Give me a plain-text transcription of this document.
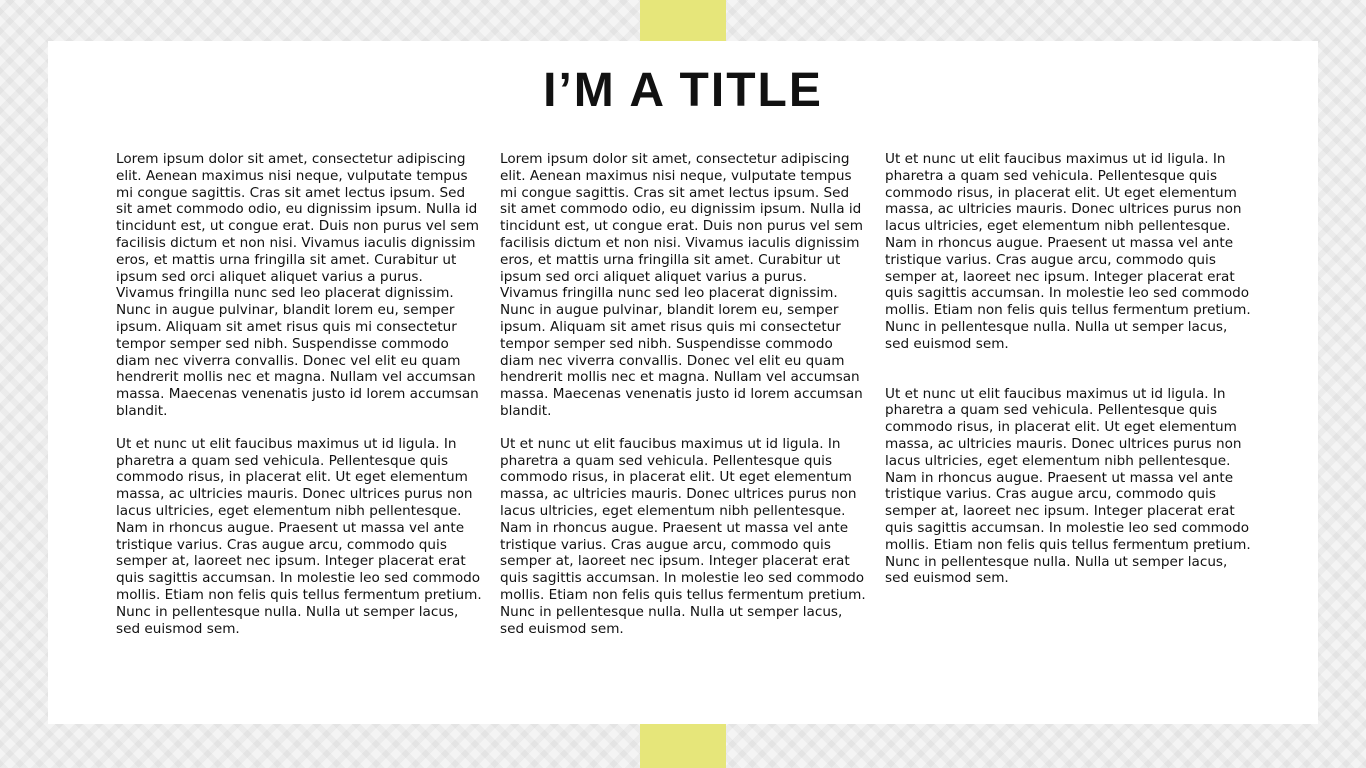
I’M A TITLE

Lorem ipsum dolor sit amet, consectetur adipiscing elit. Aenean maximus nisi neque, vulputate tempus mi congue sagittis. Cras sit amet lectus ipsum. Sed sit amet commodo odio, eu dignissim ipsum. Nulla id tincidunt est, ut congue erat. Duis non purus vel sem facilisis dictum et non nisi. Vivamus iaculis dignissim eros, et mattis urna fringilla sit amet. Curabitur ut ipsum sed orci aliquet aliquet varius a purus. Vivamus fringilla nunc sed leo placerat dignissim. Nunc in augue pulvinar, blandit lorem eu, semper ipsum. Aliquam sit amet risus quis mi consectetur tempor semper sed nibh. Suspendisse commodo diam nec viverra convallis. Donec vel elit eu quam hendrerit mollis nec et magna. Nullam vel accumsan massa. Maecenas venenatis justo id lorem accumsan blandit.

Ut et nunc ut elit faucibus maximus ut id ligula. In pharetra a quam sed vehicula. Pellentesque quis commodo risus, in placerat elit. Ut eget elementum massa, ac ultricies mauris. Donec ultrices purus non lacus ultricies, eget elementum nibh pellentesque. Nam in rhoncus augue. Praesent ut massa vel ante tristique varius. Cras augue arcu, commodo quis semper at, laoreet nec ipsum. Integer placerat erat quis sagittis accumsan. In molestie leo sed commodo mollis. Etiam non felis quis tellus fermentum pretium. Nunc in pellentesque nulla. Nulla ut semper lacus, sed euismod sem.

Lorem ipsum dolor sit amet, consectetur adipiscing elit. Aenean maximus nisi neque, vulputate tempus mi congue sagittis. Cras sit amet lectus ipsum. Sed sit amet commodo odio, eu dignissim ipsum. Nulla id tincidunt est, ut congue erat. Duis non purus vel sem facilisis dictum et non nisi. Vivamus iaculis dignissim eros, et mattis urna fringilla sit amet. Curabitur ut ipsum sed orci aliquet aliquet varius a purus. Vivamus fringilla nunc sed leo placerat dignissim. Nunc in augue pulvinar, blandit lorem eu, semper ipsum. Aliquam sit amet risus quis mi consectetur tempor semper sed nibh. Suspendisse commodo diam nec viverra convallis. Donec vel elit eu quam hendrerit mollis nec et magna. Nullam vel accumsan massa. Maecenas venenatis justo id lorem accumsan blandit.

Ut et nunc ut elit faucibus maximus ut id ligula. In pharetra a quam sed vehicula. Pellentesque quis commodo risus, in placerat elit. Ut eget elementum massa, ac ultricies mauris. Donec ultrices purus non lacus ultricies, eget elementum nibh pellentesque. Nam in rhoncus augue. Praesent ut massa vel ante tristique varius. Cras augue arcu, commodo quis semper at, laoreet nec ipsum. Integer placerat erat quis sagittis accumsan. In molestie leo sed commodo mollis. Etiam non felis quis tellus fermentum pretium. Nunc in pellentesque nulla. Nulla ut semper lacus, sed euismod sem.

Ut et nunc ut elit faucibus maximus ut id ligula. In pharetra a quam sed vehicula. Pellentesque quis commodo risus, in placerat elit. Ut eget elementum massa, ac ultricies mauris. Donec ultrices purus non lacus ultricies, eget elementum nibh pellentesque. Nam in rhoncus augue. Praesent ut massa vel ante tristique varius. Cras augue arcu, commodo quis semper at, laoreet nec ipsum. Integer placerat erat quis sagittis accumsan. In molestie leo sed commodo mollis. Etiam non felis quis tellus fermentum pretium. Nunc in pellentesque nulla. Nulla ut semper lacus, sed euismod sem.

Ut et nunc ut elit faucibus maximus ut id ligula. In pharetra a quam sed vehicula. Pellentesque quis commodo risus, in placerat elit. Ut eget elementum massa, ac ultricies mauris. Donec ultrices purus non lacus ultricies, eget elementum nibh pellentesque. Nam in rhoncus augue. Praesent ut massa vel ante tristique varius. Cras augue arcu, commodo quis semper at, laoreet nec ipsum. Integer placerat erat quis sagittis accumsan. In molestie leo sed commodo mollis. Etiam non felis quis tellus fermentum pretium. Nunc in pellentesque nulla. Nulla ut semper lacus, sed euismod sem.
